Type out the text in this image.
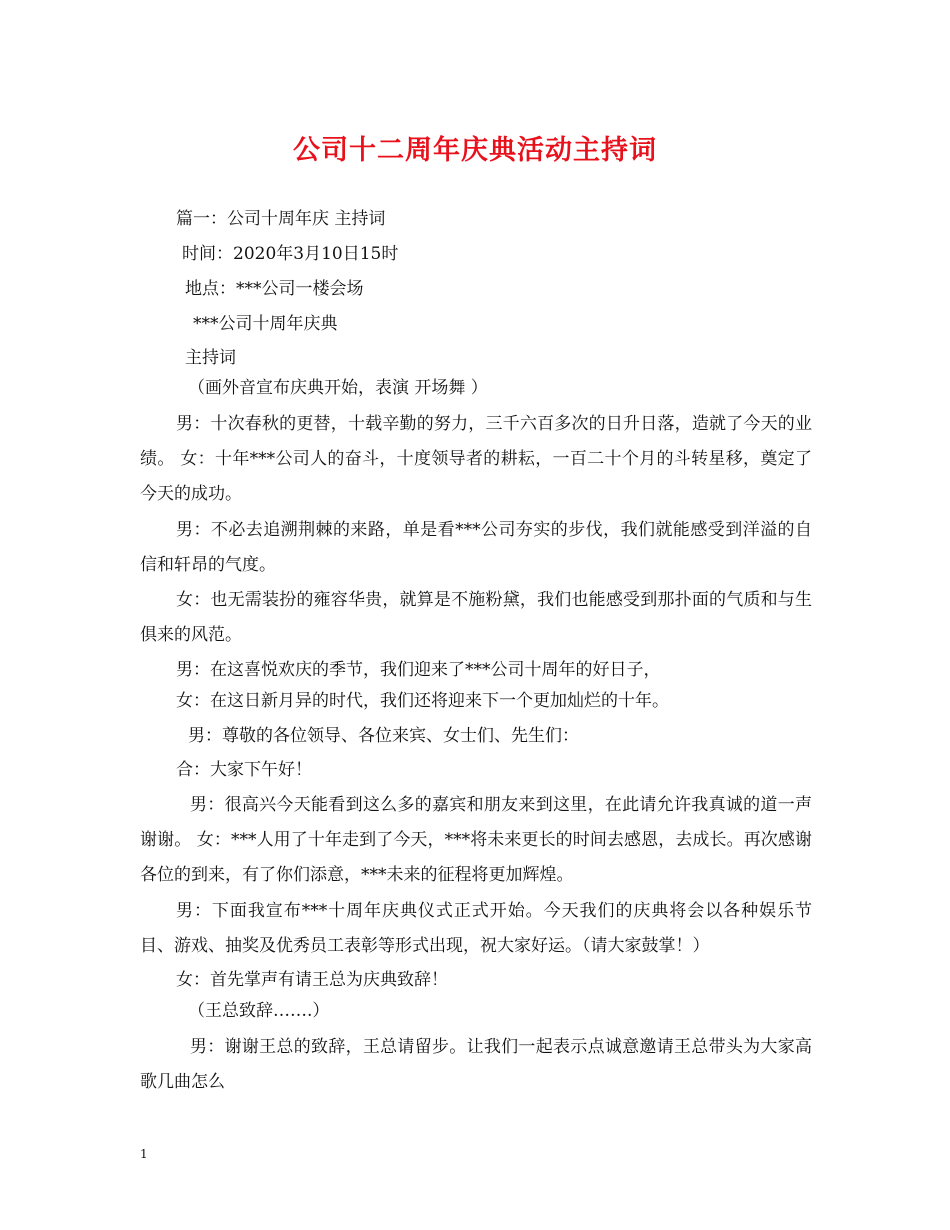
公司十二周年庆典活动主持词
篇一：公司十周年庆 主持词
时间：2020年3月10日15时
地点：***公司一楼会场
***公司十周年庆典
主持词
（画外音宣布庆典开始，表演 开场舞 ）
男：十次春秋的更替，十载辛勤的努力，三千六百多次的日升日落，造就了今天的业绩。 女：十年***公司人的奋斗，十度领导者的耕耘，一百二十个月的斗转星移，奠定了今天的成功。
男：不必去追溯荆棘的来路，单是看***公司夯实的步伐，我们就能感受到洋溢的自信和轩昂的气度。
女：也无需装扮的雍容华贵，就算是不施粉黛，我们也能感受到那扑面的气质和与生俱来的风范。
男：在这喜悦欢庆的季节，我们迎来了***公司十周年的好日子，
女：在这日新月异的时代，我们还将迎来下一个更加灿烂的十年。
男：尊敬的各位领导、各位来宾、女士们、先生们：
合：大家下午好！
男：很高兴今天能看到这么多的嘉宾和朋友来到这里，在此请允许我真诚的道一声谢谢。 女：***人用了十年走到了今天，***将未来更长的时间去感恩，去成长。再次感谢各位的到来，有了你们添意，***未来的征程将更加辉煌。
男：下面我宣布***十周年庆典仪式正式开始。今天我们的庆典将会以各种娱乐节目、游戏、抽奖及优秀员工表彰等形式出现，祝大家好运。（请大家鼓掌！）
女：首先掌声有请王总为庆典致辞！
（王总致辞…….）
男：谢谢王总的致辞，王总请留步。让我们一起表示点诚意邀请王总带头为大家高歌几曲怎么
1
